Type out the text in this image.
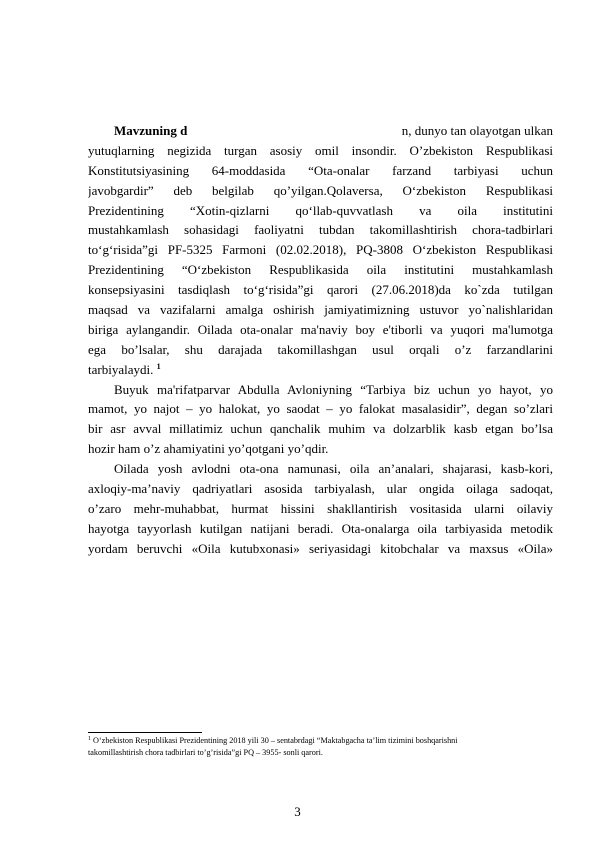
Mavzuning d	n, dunyo tan olayotgan ulkan
yutuqlarning negizida turgan asosiy omil insondir. O’zbekiston Respublikasi
Konstitutsiyasining 64-moddasida “Ota-onalar farzand tarbiyasi uchun
javobgardir” deb belgilab qo’yilgan.Qolaversa, O‘zbekiston Respublikasi
Prezidentining “Xotin-qizlarni qo‘llab-quvvatlash va oila institutini
mustahkamlash sohasidagi faoliyatni tubdan takomillashtirish chora-tadbirlari
to‘g‘risida”gi PF-5325 Farmoni (02.02.2018), PQ-3808 O‘zbekiston Respublikasi
Prezidentining “O‘zbekiston Respublikasida oila institutini mustahkamlash
konsepsiyasini tasdiqlash to‘g‘risida”gi qarori (27.06.2018)da ko`zda tutilgan
maqsad va vazifalarni amalga oshirish jamiyatimizning ustuvor yo`nalishlaridan
biriga aylangandir. Oilada ota-onalar ma'naviy boy e'tiborli va yuqori ma'lumotga
ega bo’lsalar, shu darajada takomillashgan usul orqali o’z farzandlarini
tarbiyalaydi. $^1$
Buyuk ma'rifatparvar Abdulla Avloniyning “Tarbiya biz uchun yo hayot, yo
mamot, yo najot – yo halokat, yo saodat – yo falokat masalasidir”, degan so’zlari
bir asr avval millatimiz uchun qanchalik muhim va dolzarblik kasb etgan bo’lsa
hozir ham o’z ahamiyatini yo’qotgani yo’qdir.
Oilada yosh avlodni ota-ona namunasi, oila an’analari, shajarasi, kasb-kori,
axloqiy-ma’naviy qadriyatlari asosida tarbiyalash, ular ongida oilaga sadoqat,
o’zaro mehr-muhabbat, hurmat hissini shakllantirish vositasida ularni oilaviy
hayotga tayyorlash kutilgan natijani beradi. Ota-onalarga oila tarbiyasida metodik
yordam beruvchi «Oila kutubxonasi» seriyasidagi kitobchalar va maxsus «Oila»
$^1$ O‘zbekiston Respublikasi Prezidentining 2018 yili 30 – sentabrdagi “Maktabgacha ta’lim tizimini boshqarishni
takomillashtirish chora tadbirlari to’g’risida”gi PQ – 3955- sonli qarori.
3
